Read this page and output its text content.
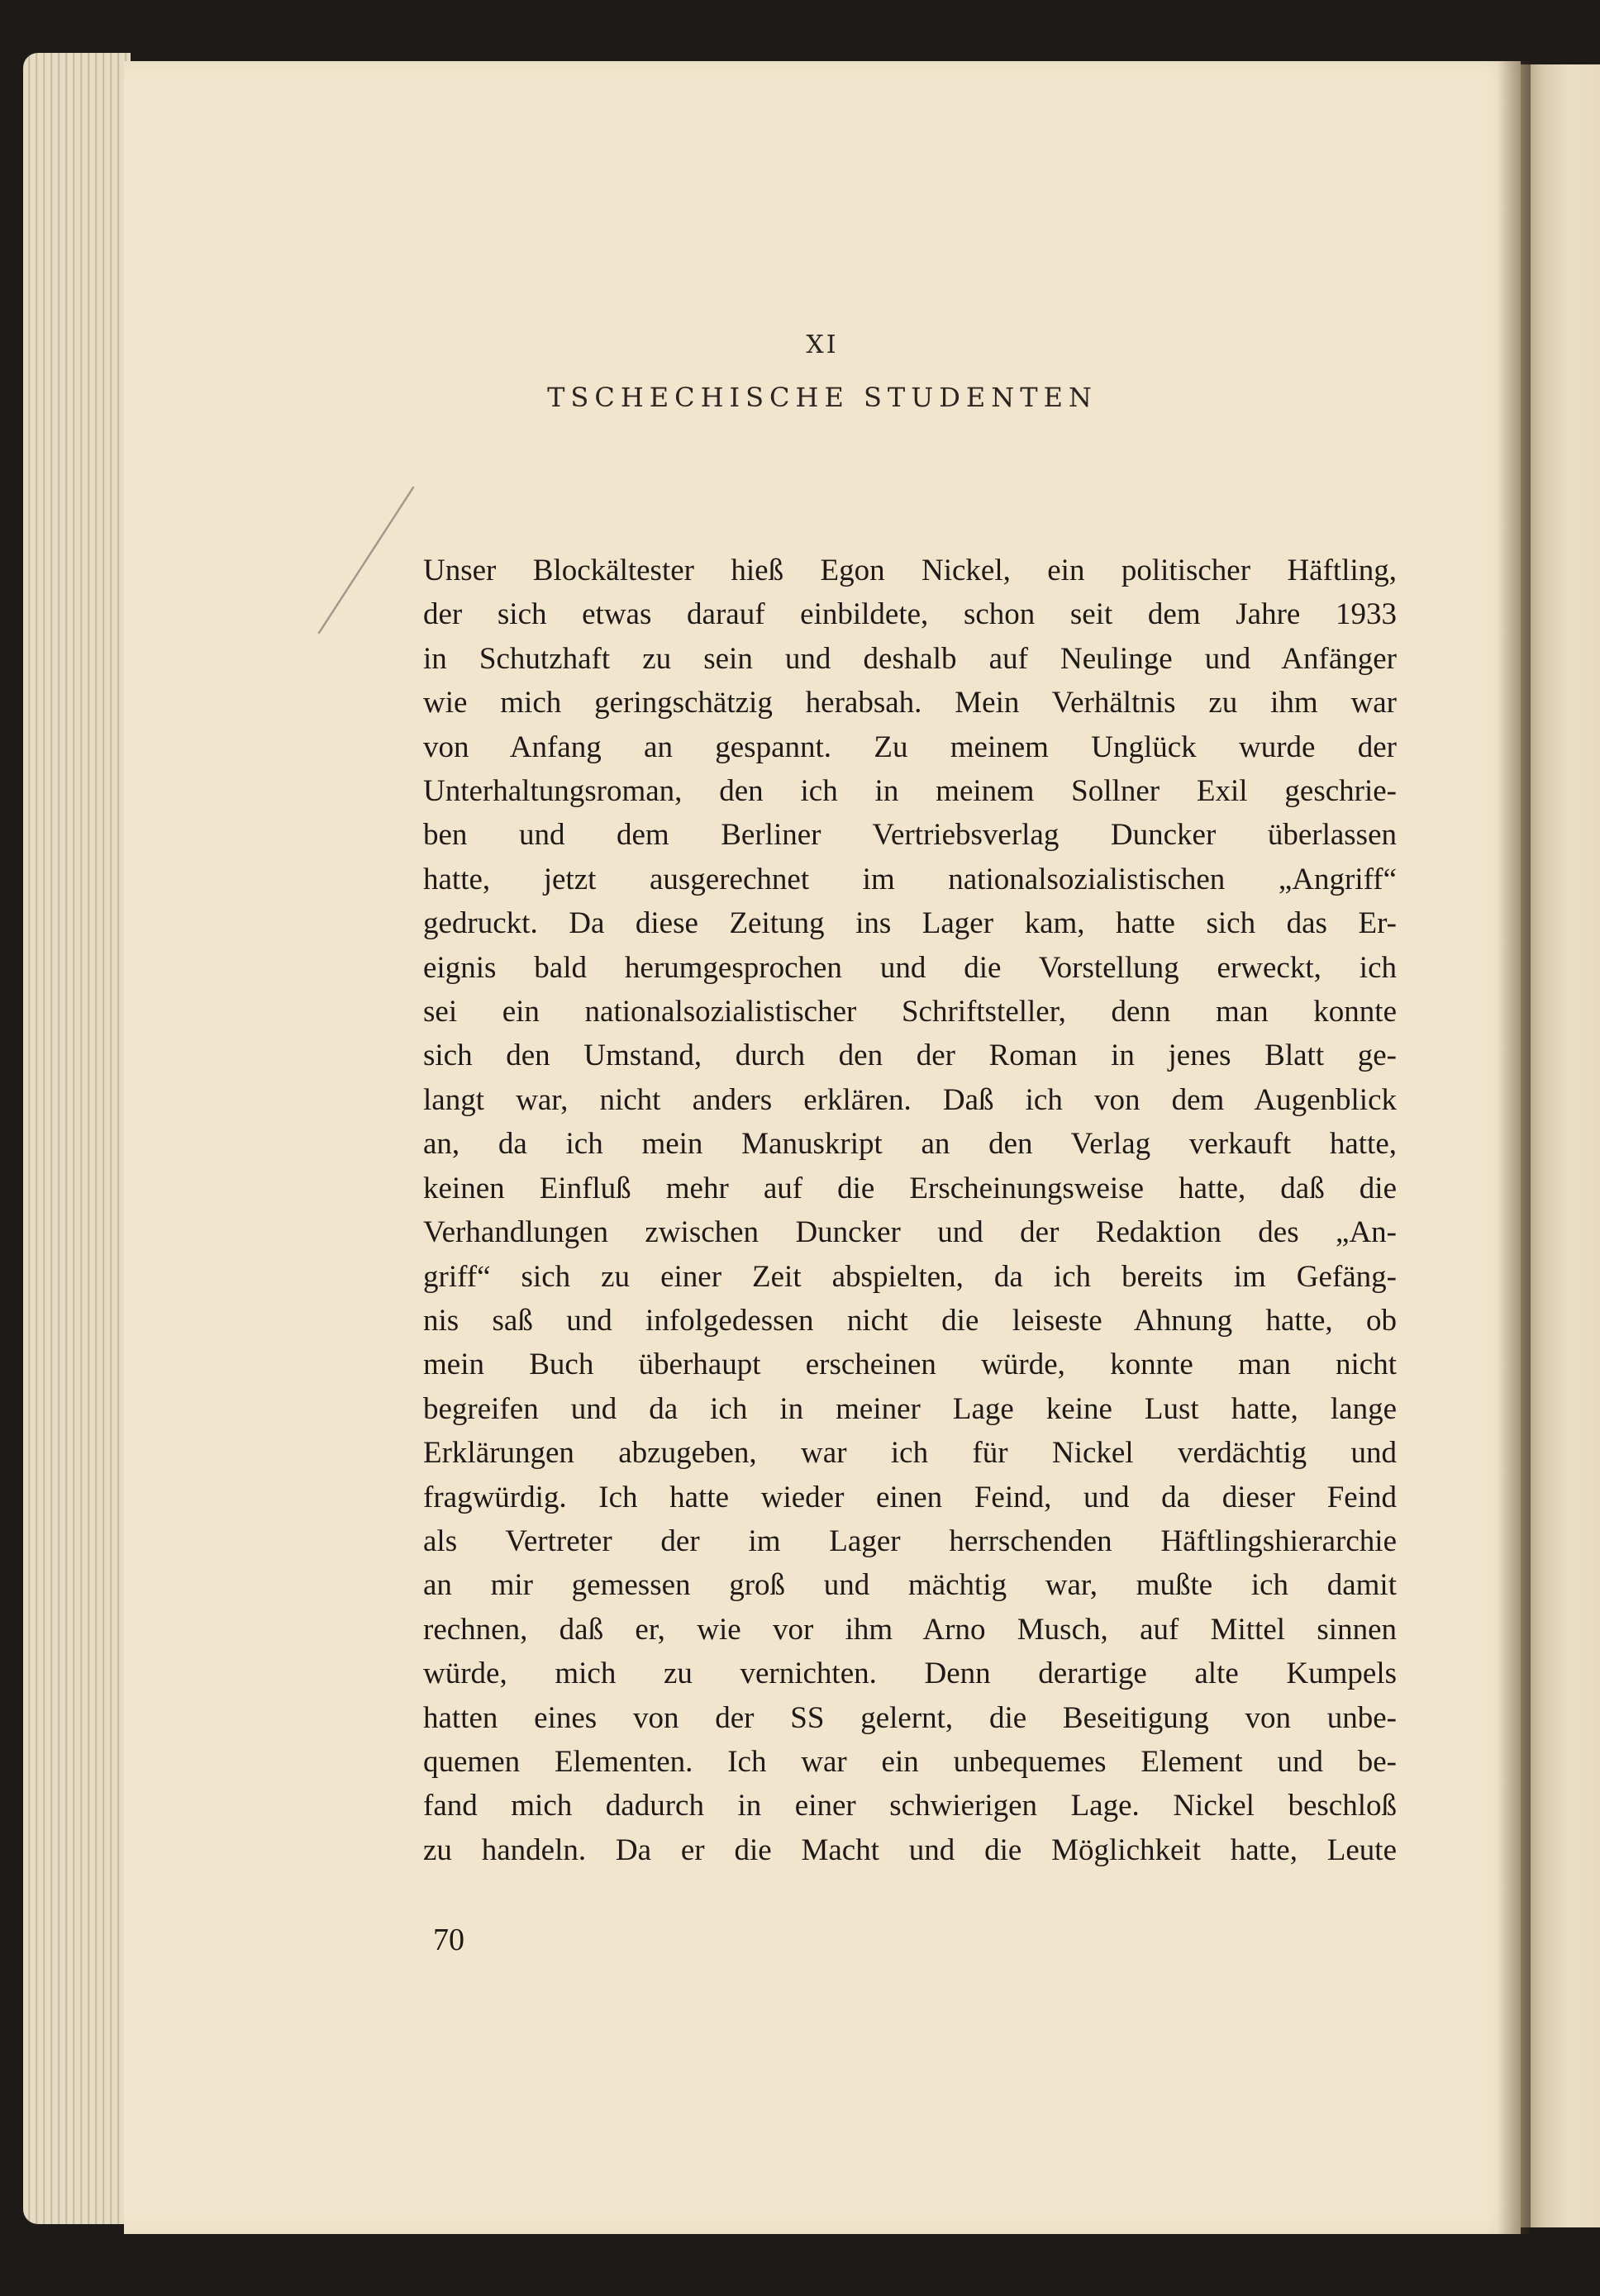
XI
TSCHECHISCHE STUDENTEN
Unser Blockältester hieß Egon Nickel, ein politischer Häftling,
der sich etwas darauf einbildete, schon seit dem Jahre 1933
in Schutzhaft zu sein und deshalb auf Neulinge und Anfänger
wie mich geringschätzig herabsah. Mein Verhältnis zu ihm war
von Anfang an gespannt. Zu meinem Unglück wurde der
Unterhaltungsroman, den ich in meinem Sollner Exil geschrie-
ben und dem Berliner Vertriebsverlag Duncker überlassen
hatte, jetzt ausgerechnet im nationalsozialistischen „Angriff“
gedruckt. Da diese Zeitung ins Lager kam, hatte sich das Er-
eignis bald herumgesprochen und die Vorstellung erweckt, ich
sei ein nationalsozialistischer Schriftsteller, denn man konnte
sich den Umstand, durch den der Roman in jenes Blatt ge-
langt war, nicht anders erklären. Daß ich von dem Augenblick
an, da ich mein Manuskript an den Verlag verkauft hatte,
keinen Einfluß mehr auf die Erscheinungsweise hatte, daß die
Verhandlungen zwischen Duncker und der Redaktion des „An-
griff“ sich zu einer Zeit abspielten, da ich bereits im Gefäng-
nis saß und infolgedessen nicht die leiseste Ahnung hatte, ob
mein Buch überhaupt erscheinen würde, konnte man nicht
begreifen und da ich in meiner Lage keine Lust hatte, lange
Erklärungen abzugeben, war ich für Nickel verdächtig und
fragwürdig. Ich hatte wieder einen Feind, und da dieser Feind
als Vertreter der im Lager herrschenden Häftlingshierarchie
an mir gemessen groß und mächtig war, mußte ich damit
rechnen, daß er, wie vor ihm Arno Musch, auf Mittel sinnen
würde, mich zu vernichten. Denn derartige alte Kumpels
hatten eines von der SS gelernt, die Beseitigung von unbe-
quemen Elementen. Ich war ein unbequemes Element und be-
fand mich dadurch in einer schwierigen Lage. Nickel beschloß
zu handeln. Da er die Macht und die Möglichkeit hatte, Leute
70
